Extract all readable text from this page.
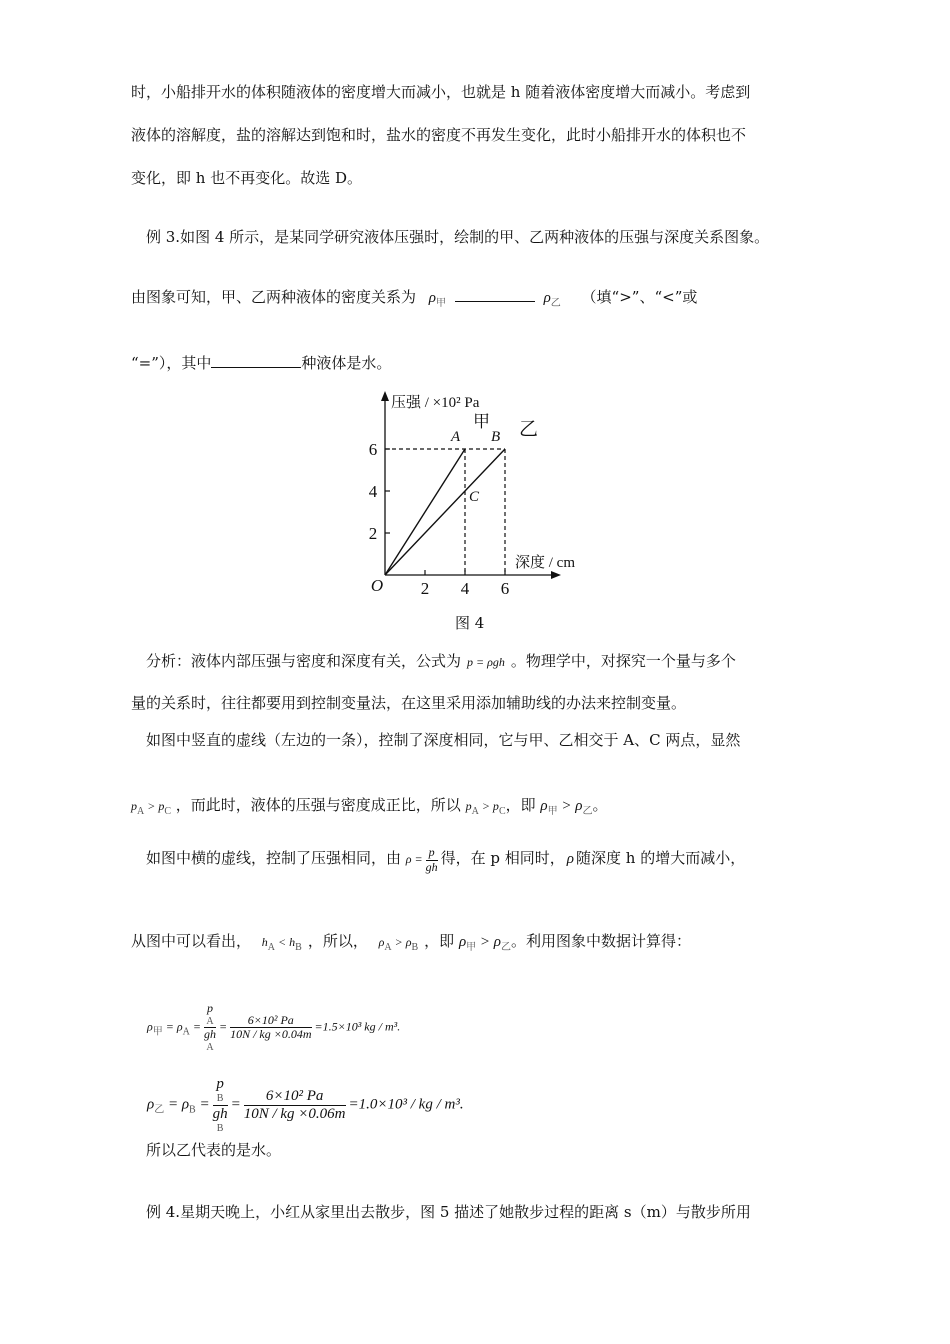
时，小船排开水的体积随液体的密度增大而减小，也就是 h 随着液体密度增大而减小。考虑到
液体的溶解度，盐的溶解达到饱和时，盐水的密度不再发生变化，此时小船排开水的体积也不
变化，即 h 也不再变化。故选 D。
例 3.如图 4 所示，是某同学研究液体压强时，绘制的甲、乙两种液体的压强与深度关系图象。
由图象可知，甲、乙两种液体的密度关系为 $\rho_甲$	$\rho_乙$ （填“>”、“<”或
“=”），其中	种液体是水。
2
4
6
2 4 6
A B
C
甲 乙
O
压强 / ×10² Pa
深度 / cm
图 4
分析：液体内部压强与密度和深度有关，公式为 p = ρgh 。物理学中，对探究一个量与多个
量的关系时，往往都要用到控制变量法，在这里采用添加辅助线的办法来控制变量。
如图中竖直的虚线（左边的一条），控制了深度相同，它与甲、乙相交于 A、C 两点，显然
$p_A > p_C$ ，而此时，液体的压强与密度成正比，所以 $p_A > p_C$，即 $\rho_甲 > \rho_乙$。
如图中横的虚线，控制了压强相同，由 $\rho = \frac{p}{gh}$ 得，在 p 相同时， ρ 随深度 h 的增大而减小，
从图中可以看出， $h_A < h_B$ ，所以， $\rho_A > \rho_B$ ，即 $\rho_甲 > \rho_乙$。利用图象中数据计算得：
$\rho_甲 = \rho_A = p$
A
gh
$A = \frac{\text{6×10² Pa}}{10N / kg \times 0.04m} =1.5\times 10^3$ kg / m³.
$\rho_乙 = \rho_B = p$
B
gh
$B = \frac{\text{6×10² Pa}}{10N / kg \times 0.06m} =1.0\times 10^3$ / kg / m³.
所以乙代表的是水。
例 4.星期天晚上，小红从家里出去散步，图 5 描述了她散步过程的距离 s（m）与散步所用
